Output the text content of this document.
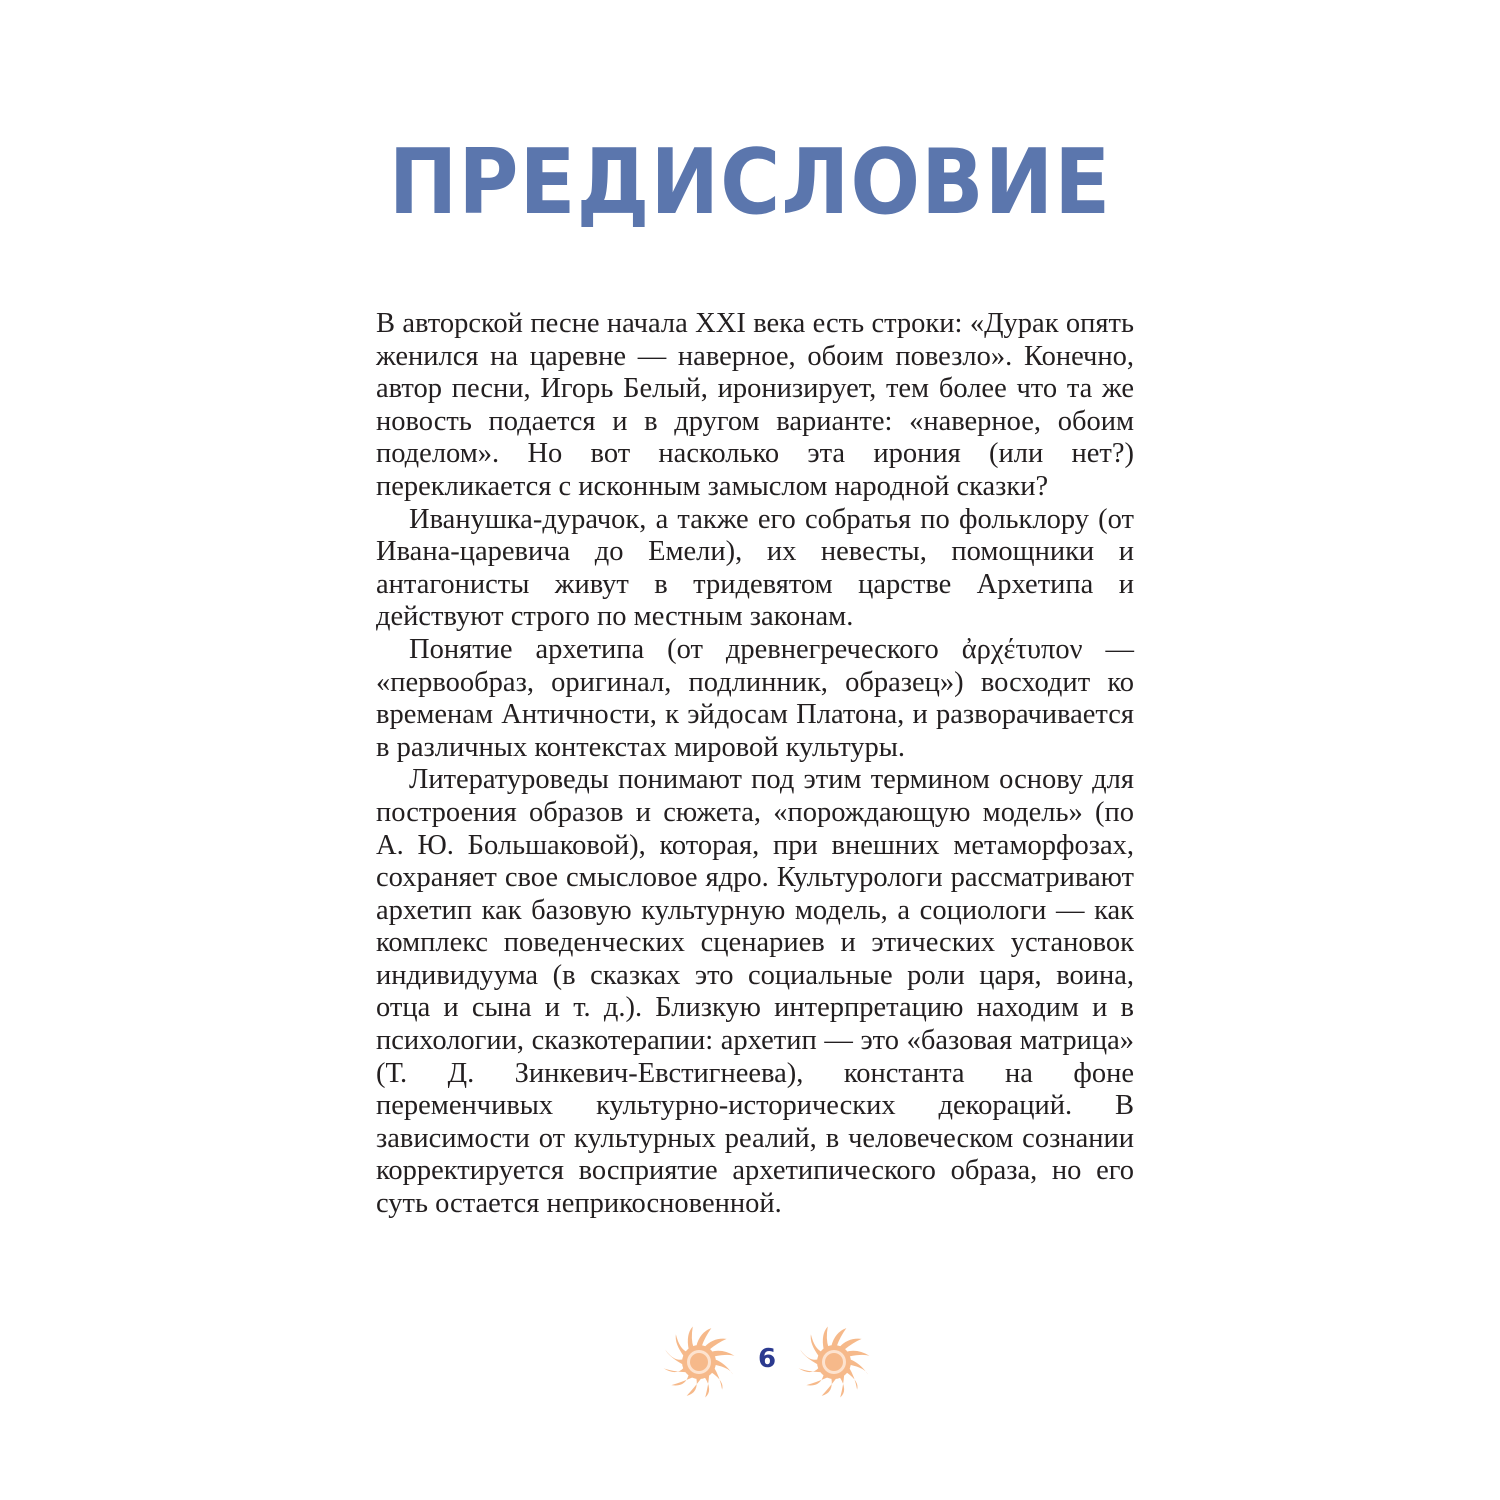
ПРЕДИСЛОВИЕ

В авторской песне начала XXI века есть строки: «Дурак опять женился на царевне — наверное, обоим повезло». Конечно, автор песни, Игорь Белый, иронизирует, тем более что та же новость подается и в другом варианте: «наверное, обоим поделом». Но вот насколько эта ирония (или нет?) перекликается с исконным замыслом народной сказки?

Иванушка-дурачок, а также его собратья по фольклору (от Ивана-царевича до Емели), их невесты, помощники и антагонисты живут в тридевятом царстве Архетипа и действуют строго по местным законам.

Понятие архетипа (от древнегреческого ἀρχέτυπον — «первообраз, оригинал, подлинник, образец») восходит ко временам Античности, к эйдосам Платона, и разворачивается в различных контекстах мировой культуры.

Литературоведы понимают под этим термином основу для построения образов и сюжета, «порождающую модель» (по А. Ю. Большаковой), которая, при внешних метаморфозах, сохраняет свое смысловое ядро. Культурологи рассматривают архетип как базовую культурную модель, а социологи — как комплекс поведенческих сценариев и этических установок индивидуума (в сказках это социальные роли царя, воина, отца и сына и т. д.). Близкую интерпретацию находим и в психологии, сказкотерапии: архетип — это «базовая матрица» (Т. Д. Зинкевич-Евстигнеева), константа на фоне переменчивых культурно-исторических декораций. В зависимости от культурных реалий, в человеческом сознании корректируется восприятие архетипического образа, но его суть остается неприкосновенной.

6
